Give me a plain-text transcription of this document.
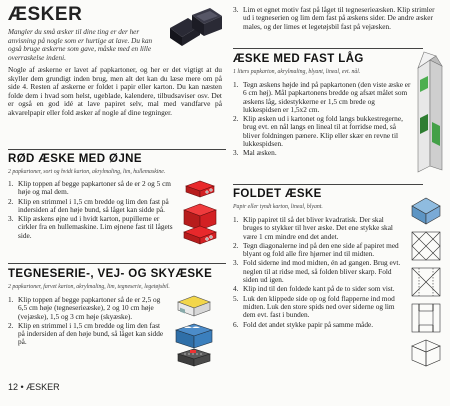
ÆSKER
Mangler du små æsker til dine ting er der her anvisning på nogle som er hurtige at lave. Du kan også bruge æskerne som gave, måske med en lille overraskelse indeni.
Nogle af æskerne er lavet af papkartoner, og her er det vigtigt at du skyller dem grundigt inden brug, men alt det kan du læse mere om på side 4. Resten af æskerne er foldet i papir eller karton. Du kan næsten folde dem i hvad som helst, ugeblade, kalendere, tilbudsaviser osv. Det er også en god idé at lave papiret selv, mal med vandfarve på akvarelpapir eller fold æsker af nogle af dine tegninger.
RØD ÆSKE MED ØJNE
2 papkartoner, sort og hvidt karton, akrylmaling, lim, hullemaskine.
1. Klip toppen af begge papkartoner så de er 2 og 5 cm høje og mal dem.
2. Klip en strimmel i 1,5 cm bredde og lim den fast på indersiden af den høje bund, så låget kan sidde på.
3. Klip æskens øjne ud i hvidt karton, pupillerne er cirkler fra en hullemaskine. Lim øjnene fast til lågets side.
TEGNESERIE-, VEJ- OG SKYÆSKE
2 papkartoner, farvet karton, akrylmaling, lim, tegneserie, legetøjsbil.
1. Klip toppen af begge papkartoner så de er 2,5 og 6,5 cm høje (tegneserieæske), 2 og 10 cm høje (vejæske), 1,5 og 3 cm høje (skyæske).
2. Klip en strimmel i 1,5 cm bredde og lim den fast på indersiden af den høje bund, så låget kan sidde på.
12 • ÆSKER
3. Lim et egnet motiv fast på låget til tegneserieæsken. Klip strimler ud i tegneserien og lim dem fast på æskens sider. De andre æsker males, og der limes et legetøjsbil fast på vejæsken.
ÆSKE MED FAST LÅG
1 liters papkarton, akrylmaling, blyant, lineal, evt. nål.
1. Tegn æskens højde ind på papkartonen (den viste æske er 6 cm høj). Mål papkartonens bredde og afsæt målet som æskens låg, sidestykkerne er 1,5 cm brede og lukkespidsen er 1,5x2 cm.
2. Klip æsken ud i kartonet og fold langs bukkestregerne, brug evt. en nål langs en lineal til at forridse med, så bliver foldningen pænere. Klip eller skær en revne til lukkespidsen.
3. Mal æsken.
FOLDET ÆSKE
Papir eller tyndt karton, lineal, blyant.
1. Klip papiret til så det bliver kvadratisk. Der skal bruges to stykker til hver æske. Det ene stykke skal være 1 cm mindre end det andet.
2. Tegn diagonalerne ind på den ene side af papiret med blyant og fold alle fire hjørner ind til midten.
3. Fold siderne ind mod midten, én ad gangen. Brug evt. neglen til at ridse med, så folden bliver skarp. Fold siden ud igen.
4. Klip ind til den foldede kant på de to sider som vist.
5. Luk den klippede side op og fold flapperne ind mod midten. Luk den store spids ned over siderne og lim dem evt. fast i bunden.
6. Fold det andet stykke papir på samme måde.
